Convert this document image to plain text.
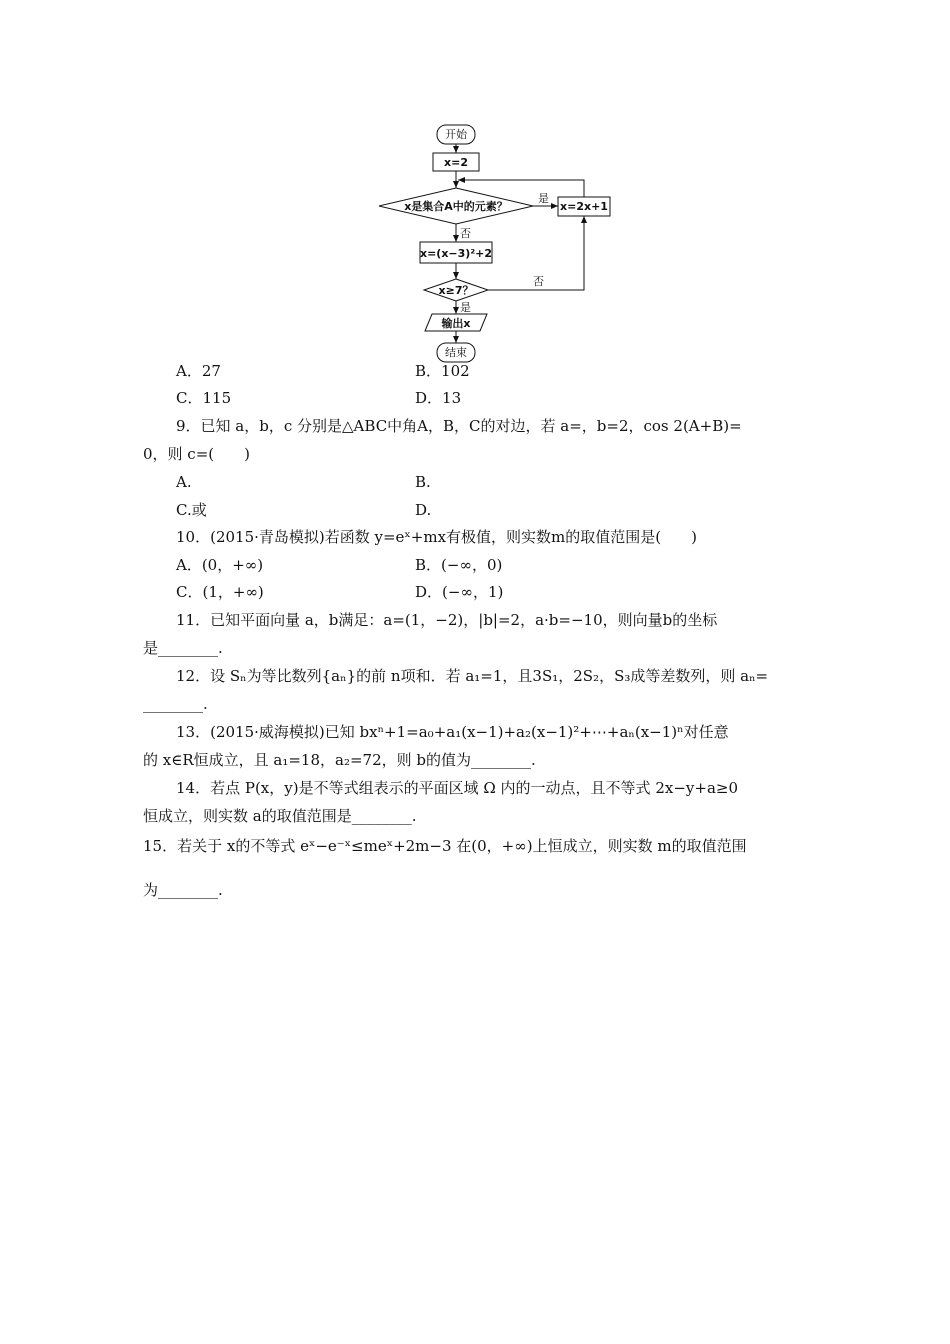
开始
x=2
x是集合A中的元素？
是
x=2x+1
否
x=(x−3)²+2
x≥7？
否
是
输出x
结束
A．27	B．102
C．115	D．13
9．已知 a，b，c 分别是△ABC中角A，B，C的对边，若 a=，b=2，cos 2(A+B)=
0，则 c=(　　)
A.	B.
C.或	D.
10．(2015·青岛模拟)若函数 y=eˣ+mx有极值，则实数m的取值范围是(　　)
A．(0，+∞)	B．(−∞，0)
C．(1，+∞)	D．(−∞，1)
11．已知平面向量 a，b满足：a=(1，−2)，|b|=2，a·b=−10，则向量b的坐标
是________.
12．设 Sₙ为等比数列{aₙ}的前 n项和．若 a₁=1，且3S₁，2S₂，S₃成等差数列，则 aₙ=
________.
13．(2015·威海模拟)已知 bxⁿ+1=a₀+a₁(x−1)+a₂(x−1)²+⋯+aₙ(x−1)ⁿ对任意
的 x∈R恒成立，且 a₁=18，a₂=72，则 b的值为________.
14．若点 P(x，y)是不等式组表示的平面区域 Ω 内的一动点，且不等式 2x−y+a≥0
恒成立，则实数 a的取值范围是________.
15．若关于 x的不等式 eˣ−e⁻ˣ≤meˣ+2m−3 在(0，+∞)上恒成立，则实数 m的取值范围
为________.
